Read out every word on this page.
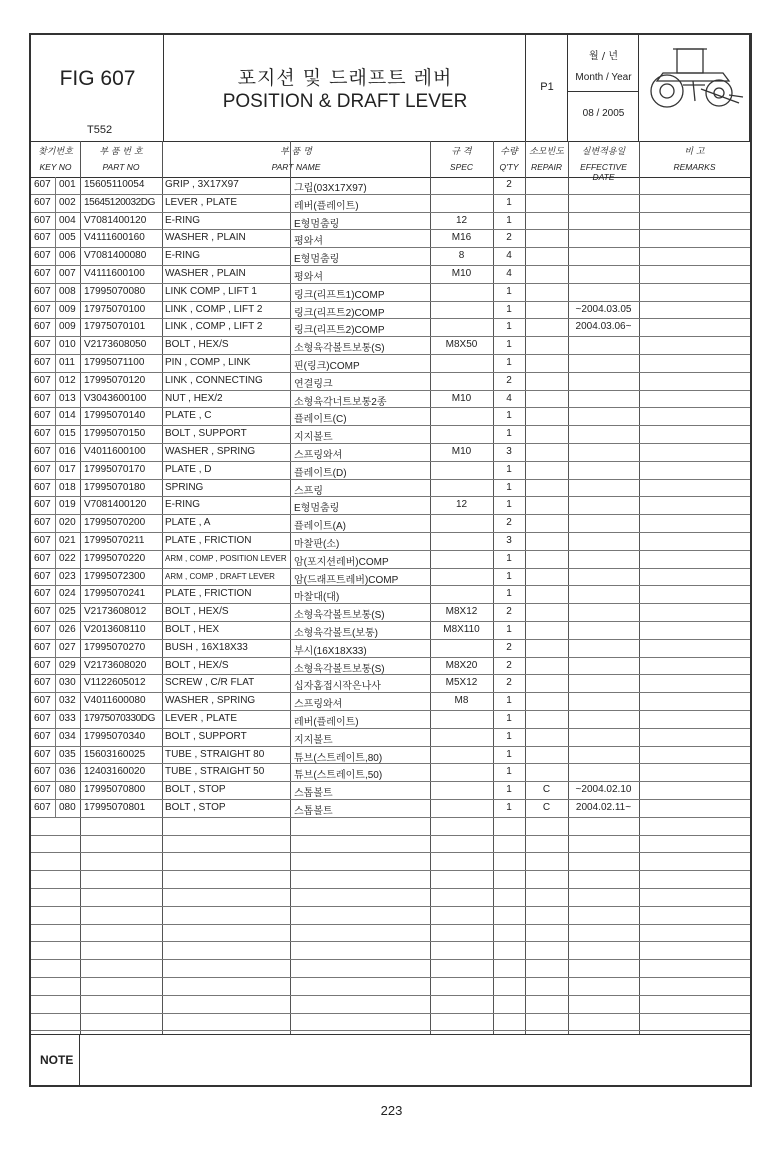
FIG 607
T552
포지션 및 드래프트 레버
POSITION & DRAFT LEVER
P1
월 / 년
Month / Year
08 / 2005
찾기번호
KEY NO
부 품 번 호
PART NO
부 품 명
PART NAME
규 격
SPEC
수량
Q'TY
소모빈도
REPAIR
실변적용일
EFFECTIVE DATE
비 고
REMARKS
607 001 15605110054 GRIP , 3X17X97	그립(03X17X97)	2
607 002 15645120032DG LEVER , PLATE	레버(플레이트)	1
607 004 V7081400120 E-RING	E형멈춤링	12	1
607 005 V4111600160 WASHER , PLAIN	평와셔	M16	2
607 006 V7081400080 E-RING	E형멈춤링	8	4
607 007 V4111600100 WASHER , PLAIN	평와셔	M10	4
607 008 17995070080 LINK COMP , LIFT 1	링크(리프트1)COMP	1
607 009 17975070100 LINK , COMP , LIFT 2	링크(리프트2)COMP	1	~2004.03.05
607 009 17975070101 LINK , COMP , LIFT 2	링크(리프트2)COMP	1	2004.03.06~
607 010 V2173608050 BOLT , HEX/S	소형육각볼트보통(S)	M8X50	1
607 011 17995071100 PIN , COMP , LINK	핀(링크)COMP	1
607 012 17995070120 LINK , CONNECTING	연결링크	2
607 013 V3043600100 NUT , HEX/2	소형육각너트보통2종	M10	4
607 014 17995070140 PLATE , C	플레이트(C)	1
607 015 17995070150 BOLT , SUPPORT	지지볼트	1
607 016 V4011600100 WASHER , SPRING	스프링와셔	M10	3
607 017 17995070170 PLATE , D	플레이트(D)	1
607 018 17995070180 SPRING	스프링	1
607 019 V7081400120 E-RING	E형멈춤링	12	1
607 020 17995070200 PLATE , A	플레이트(A)	2
607 021 17995070211 PLATE , FRICTION	마찰판(소)	3
607 022 17995070220 ARM , COMP , POSITION LEVER 암(포지션레버)COMP	1
607 023 17995072300 ARM , COMP , DRAFT LEVER 암(드래프트레버)COMP	1
607 024 17995070241 PLATE , FRICTION	마찰대(대)	1
607 025 V2173608012 BOLT , HEX/S	소형육각볼트보통(S)	M8X12	2
607 026 V2013608110 BOLT , HEX	소형육각볼트(보통)	M8X110	1
607 027 17995070270 BUSH , 16X18X33	부시(16X18X33)	2
607 029 V2173608020 BOLT , HEX/S	소형육각볼트보통(S)	M8X20	2
607 030 V1122605012 SCREW , C/R FLAT	십자홈접시작은나사	M5X12	2
607 032 V4011600080 WASHER , SPRING	스프링와셔	M8	1
607 033 17975070330DG LEVER , PLATE	레버(플레이트)	1
607 034 17995070340 BOLT , SUPPORT	지지볼트	1
607 035 15603160025 TUBE , STRAIGHT 80	튜브(스트레이트,80)	1
607 036 12403160020 TUBE , STRAIGHT 50	튜브(스트레이트,50)	1
607 080 17995070800 BOLT , STOP	스톱볼트	1	C	~2004.02.10
607 080 17995070801 BOLT , STOP	스톱볼트	1	C	2004.02.11~
NOTE
223
